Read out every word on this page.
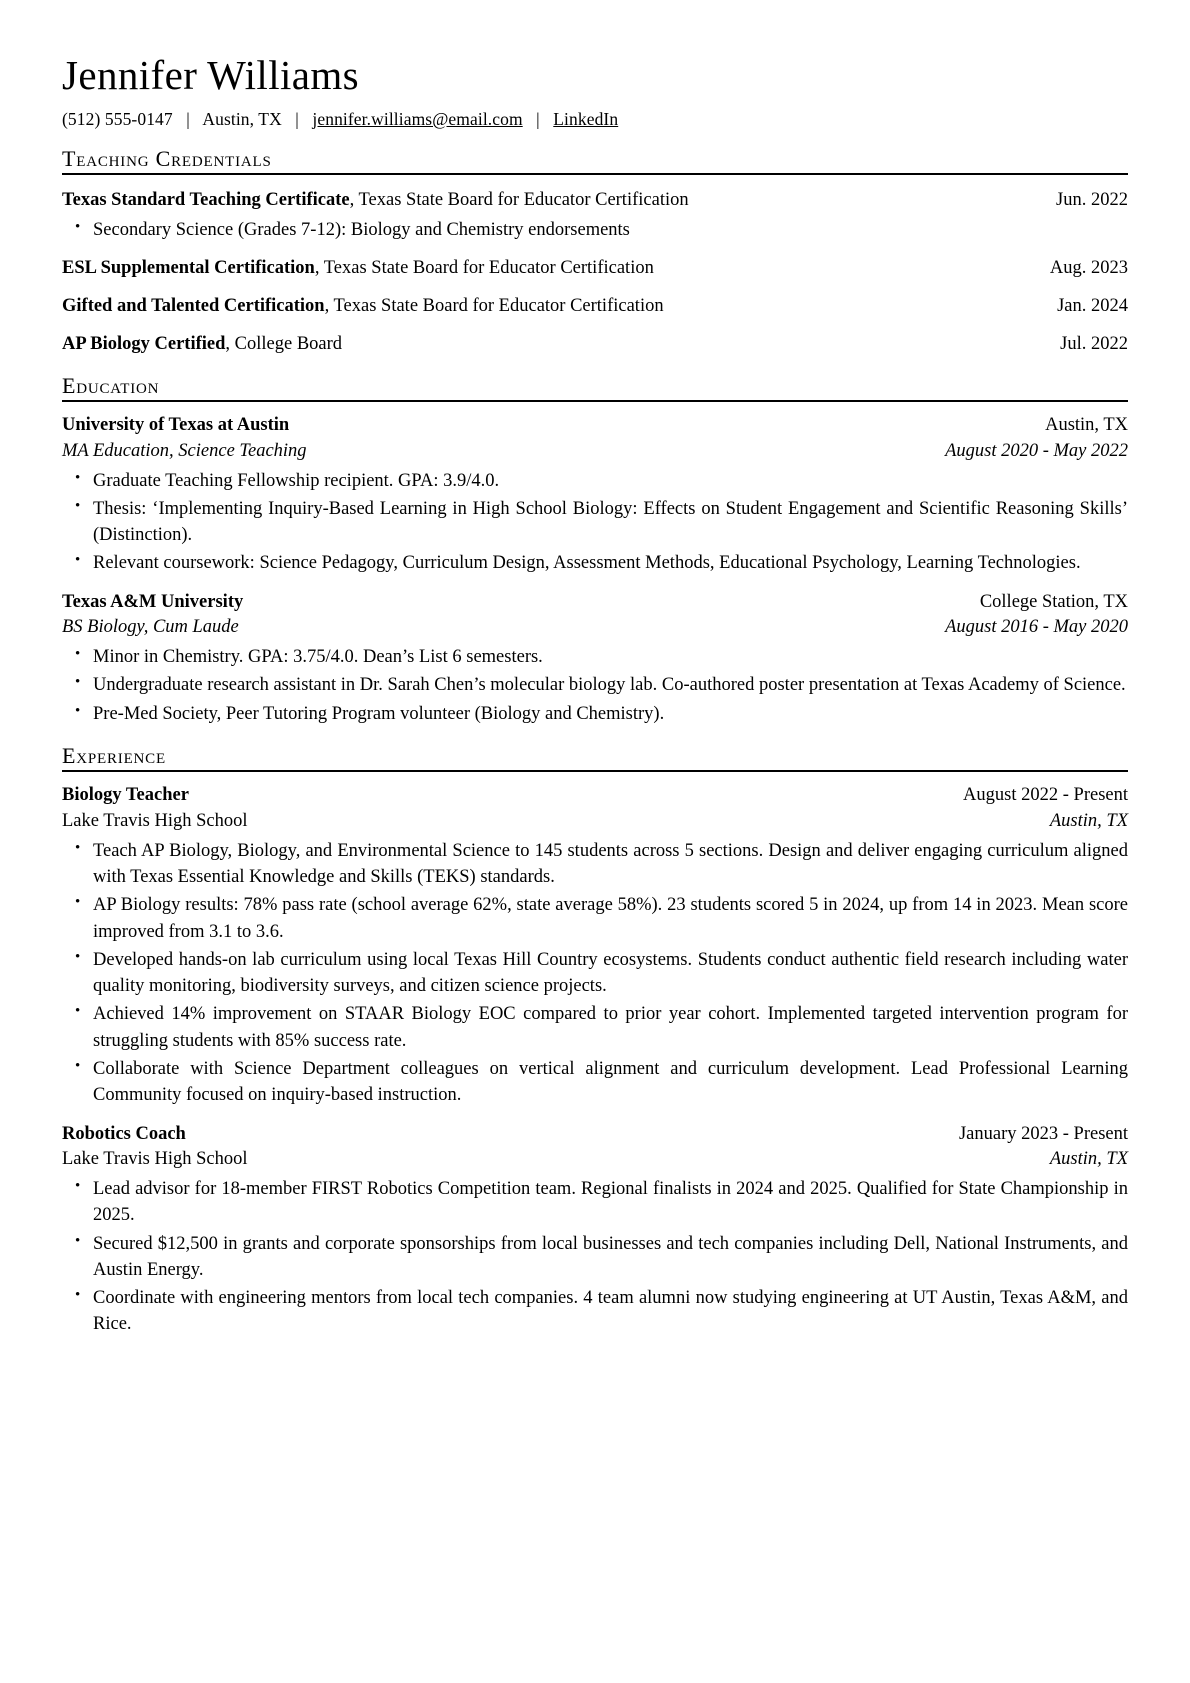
Jennifer Williams
(512) 555-0147 | Austin, TX | jennifer.williams@email.com | LinkedIn
Teaching Credentials
Texas Standard Teaching Certificate, Texas State Board for Educator Certification	Jun. 2022
• Secondary Science (Grades 7-12): Biology and Chemistry endorsements
ESL Supplemental Certification, Texas State Board for Educator Certification	Aug. 2023
Gifted and Talented Certification, Texas State Board for Educator Certification	Jan. 2024
AP Biology Certified, College Board	Jul. 2022
Education
University of Texas at Austin	Austin, TX
MA Education, Science Teaching	August 2020 - May 2022
• Graduate Teaching Fellowship recipient. GPA: 3.9/4.0.
• Thesis: ‘Implementing Inquiry-Based Learning in High School Biology: Effects on Student Engagement and Scientific Reasoning Skills’ (Distinction).
• Relevant coursework: Science Pedagogy, Curriculum Design, Assessment Methods, Educational Psychology, Learning Technologies.
Texas A&M University	College Station, TX
BS Biology, Cum Laude	August 2016 - May 2020
• Minor in Chemistry. GPA: 3.75/4.0. Dean’s List 6 semesters.
• Undergraduate research assistant in Dr. Sarah Chen’s molecular biology lab. Co-authored poster presentation at Texas Academy of Science.
• Pre-Med Society, Peer Tutoring Program volunteer (Biology and Chemistry).
Experience
Biology Teacher	August 2022 - Present
Lake Travis High School	Austin, TX
• Teach AP Biology, Biology, and Environmental Science to 145 students across 5 sections. Design and deliver engaging curriculum aligned with Texas Essential Knowledge and Skills (TEKS) standards.
• AP Biology results: 78% pass rate (school average 62%, state average 58%). 23 students scored 5 in 2024, up from 14 in 2023. Mean score improved from 3.1 to 3.6.
• Developed hands-on lab curriculum using local Texas Hill Country ecosystems. Students conduct authentic field research including water quality monitoring, biodiversity surveys, and citizen science projects.
• Achieved 14% improvement on STAAR Biology EOC compared to prior year cohort. Implemented targeted intervention program for struggling students with 85% success rate.
• Collaborate with Science Department colleagues on vertical alignment and curriculum development. Lead Professional Learning Community focused on inquiry-based instruction.
Robotics Coach	January 2023 - Present
Lake Travis High School	Austin, TX
• Lead advisor for 18-member FIRST Robotics Competition team. Regional finalists in 2024 and 2025. Qualified for State Championship in 2025.
• Secured $12,500 in grants and corporate sponsorships from local businesses and tech companies including Dell, National Instruments, and Austin Energy.
• Coordinate with engineering mentors from local tech companies. 4 team alumni now studying engineering at UT Austin, Texas A&M, and Rice.
